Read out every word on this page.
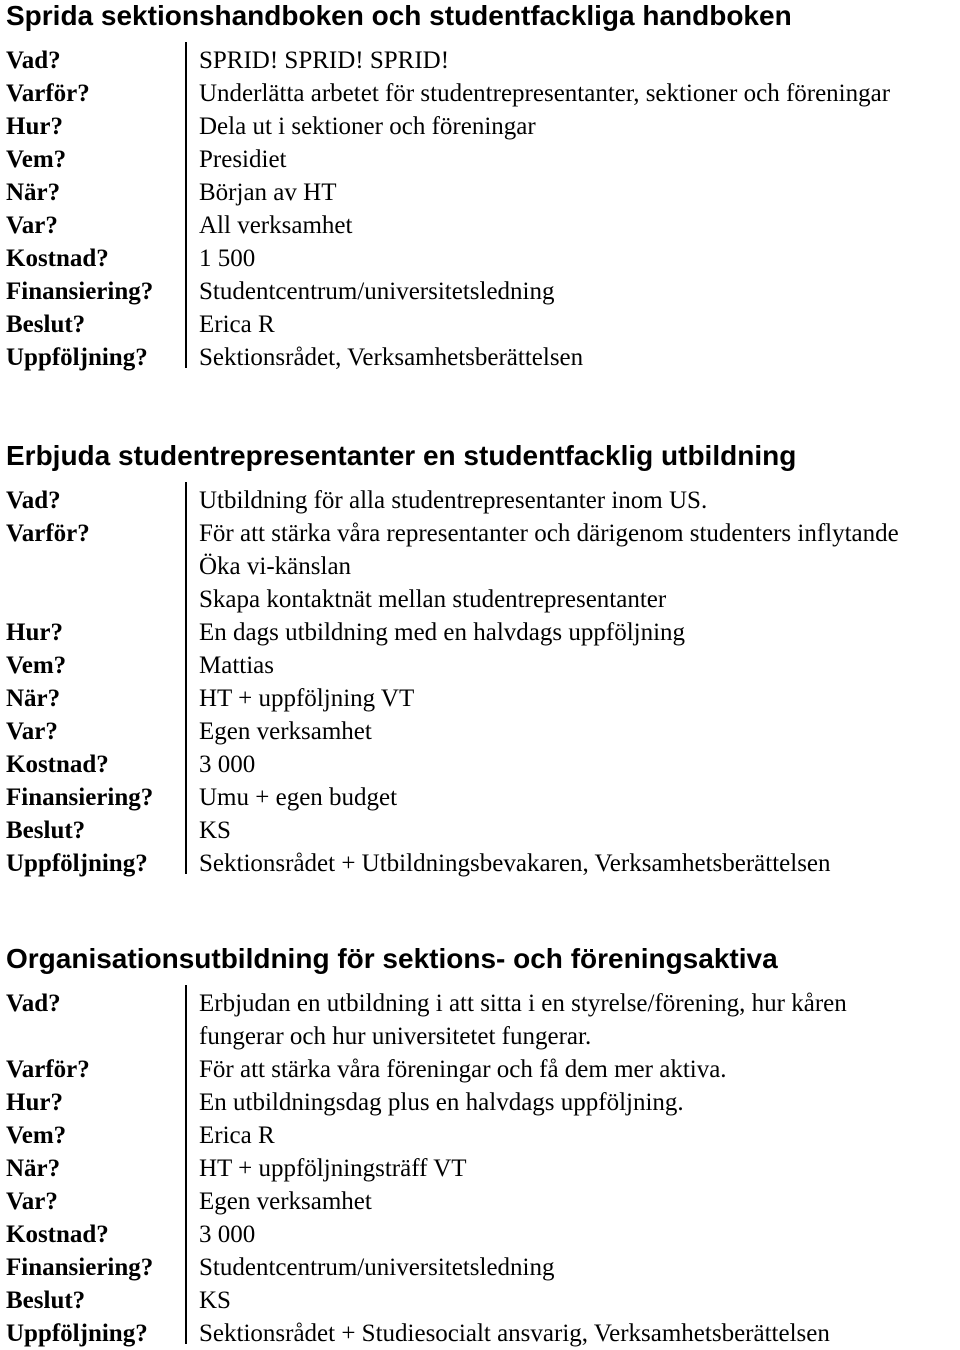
Sprida sektionshandboken och studentfackliga handboken
Vad?	SPRID! SPRID! SPRID!
Varför?	Underlätta arbetet för studentrepresentanter, sektioner och föreningar
Hur?	Dela ut i sektioner och föreningar
Vem?	Presidiet
När?	Början av HT
Var?	All verksamhet
Kostnad?	1 500
Finansiering? Studentcentrum/universitetsledning
Beslut?	Erica R
Uppföljning? Sektionsrådet, Verksamhetsberättelsen
Erbjuda studentrepresentanter en studentfacklig utbildning
Vad?	Utbildning för alla studentrepresentanter inom US.
Varför?	För att stärka våra representanter och därigenom studenters inflytande
Öka vi-känslan
Skapa kontaktnät mellan studentrepresentanter
Hur?	En dags utbildning med en halvdags uppföljning
Vem?	Mattias
När?	HT + uppföljning VT
Var?	Egen verksamhet
Kostnad?	3 000
Finansiering? Umu + egen budget
Beslut?	KS
Uppföljning? Sektionsrådet + Utbildningsbevakaren, Verksamhetsberättelsen
Organisationsutbildning för sektions- och föreningsaktiva
Vad?	Erbjudan en utbildning i att sitta i en styrelse/förening, hur kåren
fungerar och hur universitetet fungerar.
Varför?	För att stärka våra föreningar och få dem mer aktiva.
Hur?	En utbildningsdag plus en halvdags uppföljning.
Vem?	Erica R
När?	HT + uppföljningsträff VT
Var?	Egen verksamhet
Kostnad?	3 000
Finansiering? Studentcentrum/universitetsledning
Beslut?	KS
Uppföljning? Sektionsrådet + Studiesocialt ansvarig, Verksamhetsberättelsen
